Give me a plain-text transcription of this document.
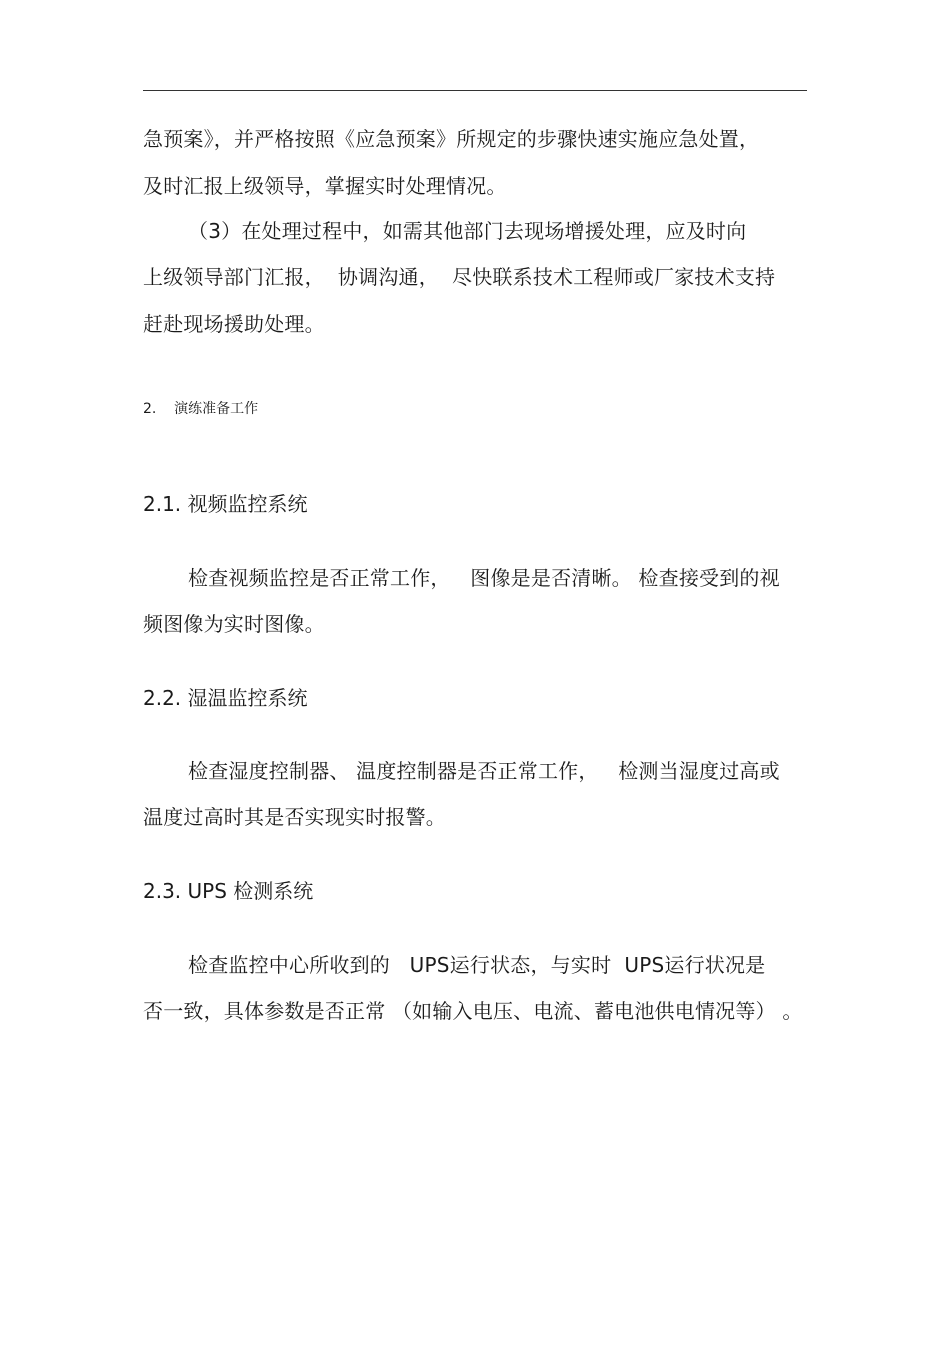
急预案》，并严格按照《应急预案》所规定的步骤快速实施应急处置，
及时汇报上级领导，掌握实时处理情况。
（3）在处理过程中，如需其他部门去现场增援处理，应及时向
上级领导部门汇报，  协调沟通，  尽快联系技术工程师或厂家技术支持
赶赴现场援助处理。
2.    演练准备工作
2.1. 视频监控系统
检查视频监控是否正常工作，   图像是是否清晰。 检查接受到的视
频图像为实时图像。
2.2. 湿温监控系统
检查湿度控制器、 温度控制器是否正常工作，   检测当湿度过高或
温度过高时其是否实现实时报警。
2.3. UPS 检测系统
检查监控中心所收到的   UPS运行状态，与实时  UPS运行状况是
否一致，具体参数是否正常 （如输入电压、电流、蓄电池供电情况等） 。
